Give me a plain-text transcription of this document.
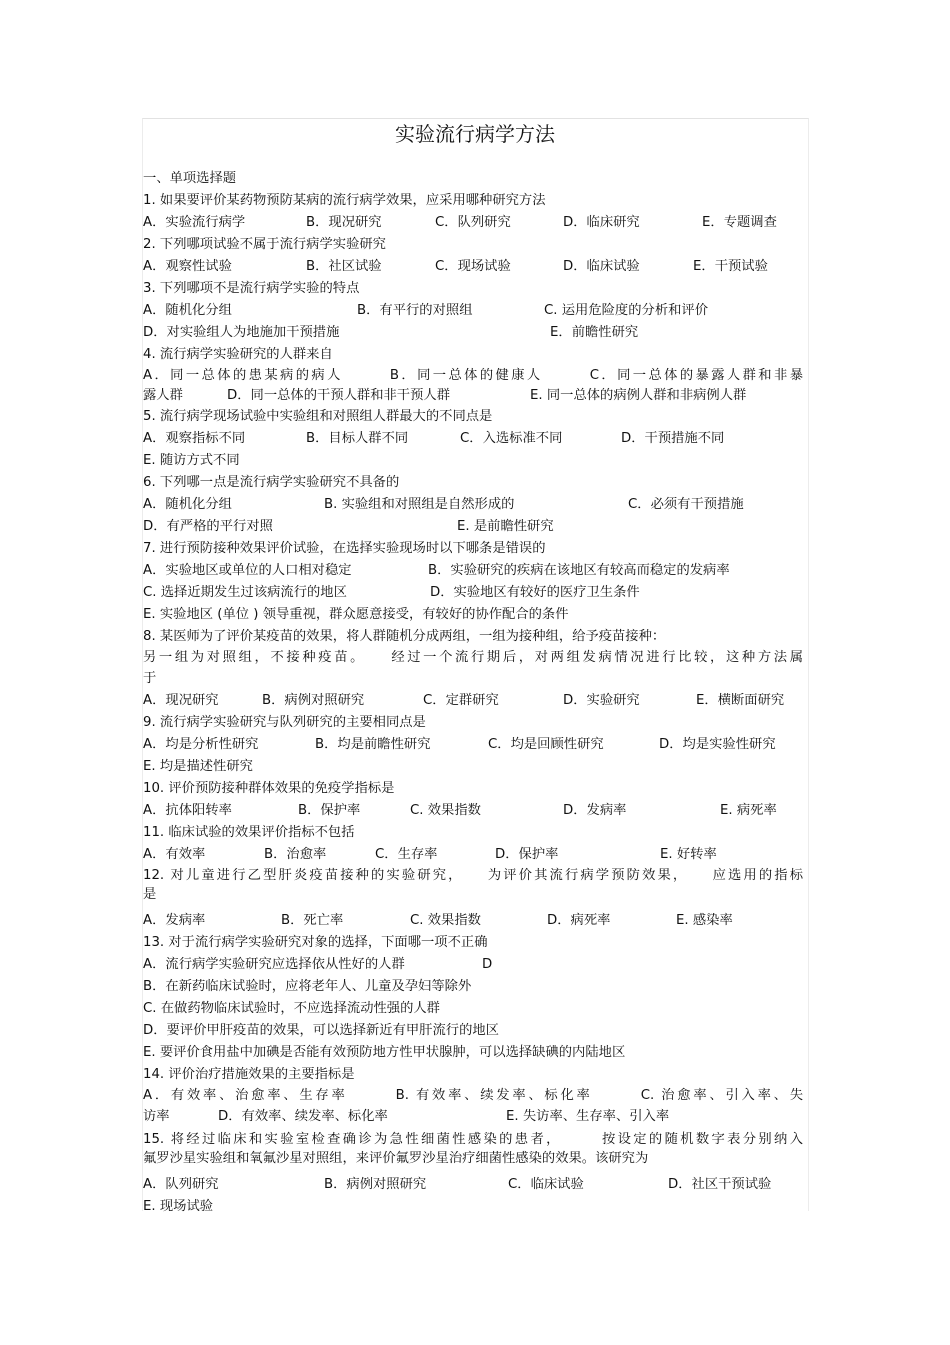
实验流行病学方法
一、单项选择题
1. 如果要评价某药物预防某病的流行病学效果，应采用哪种研究方法
A．实验流行病学	B．现况研究	C．队列研究	D．临床研究	E．专题调查
2. 下列哪项试验不属于流行病学实验研究
A．观察性试验	B．社区试验	C．现场试验	D．临床试验	E．干预试验
3. 下列哪项不是流行病学实验的特点
A．随机化分组	B．有平行的对照组	C. 运用危险度的分析和评价
D．对实验组人为地施加干预措施	E．前瞻性研究
4. 流行病学实验研究的人群来自
A．同一总体的患某病的病人　　　B．同一总体的健康人　　　C．同一总体的暴露人群和非暴
露人群	D．同一总体的干预人群和非干预人群	E. 同一总体的病例人群和非病例人群
5. 流行病学现场试验中实验组和对照组人群最大的不同点是
A．观察指标不同	B．目标人群不同	C．入选标准不同	D．干预措施不同
E. 随访方式不同
6. 下列哪一点是流行病学实验研究不具备的
A．随机化分组	B. 实验组和对照组是自然形成的	C．必须有干预措施
D．有严格的平行对照	E. 是前瞻性研究
7. 进行预防接种效果评价试验，在选择实验现场时以下哪条是错误的
A．实验地区或单位的人口相对稳定	B．实验研究的疾病在该地区有较高而稳定的发病率
C. 选择近期发生过该病流行的地区	D．实验地区有较好的医疗卫生条件
E. 实验地区 (单位 ) 领导重视，群众愿意接受，有较好的协作配合的条件
8. 某医师为了评价某疫苗的效果，将人群随机分成两组，一组为接种组，给予疫苗接种：
另一组为对照组，不接种疫苗。　　经过一个流行期后，对两组发病情况进行比较，这种方法属
于
A．现况研究	B．病例对照研究	C．定群研究	D．实验研究	E．横断面研究
9. 流行病学实验研究与队列研究的主要相同点是
A．均是分析性研究	B．均是前瞻性研究	C．均是回顾性研究	D．均是实验性研究
E. 均是描述性研究
10. 评价预防接种群体效果的免疫学指标是
A．抗体阳转率	B．保护率	C. 效果指数	D．发病率	E. 病死率
11. 临床试验的效果评价指标不包括
A．有效率	B．治愈率	C．生存率	D．保护率	E. 好转率
12. 对儿童进行乙型肝炎疫苗接种的实验研究，　　为评价其流行病学预防效果，　　应选用的指标
是
A．发病率	B．死亡率	C. 效果指数	D．病死率	E. 感染率
13. 对于流行病学实验研究对象的选择，下面哪一项不正确
A．流行病学实验研究应选择依从性好的人群	D
B．在新药临床试验时，应将老年人、儿童及孕妇等除外
C. 在做药物临床试验时，不应选择流动性强的人群
D．要评价甲肝疫苗的效果，可以选择新近有甲肝流行的地区
E. 要评价食用盐中加碘是否能有效预防地方性甲状腺肿，可以选择缺碘的内陆地区
14. 评价治疗措施效果的主要指标是
A．有效率、治愈率、生存率　　　B. 有效率、续发率、标化率　　　C. 治愈率、引入率、失
访率	D．有效率、续发率、标化率	E. 失访率、生存率、引入率
15. 将经过临床和实验室检查确诊为急性细菌性感染的患者，　　　按设定的随机数字表分别纳入
氟罗沙星实验组和氧氟沙星对照组，来评价氟罗沙星治疗细菌性感染的效果。该研究为
A．队列研究	B．病例对照研究	C．临床试验	D．社区干预试验
E. 现场试验
